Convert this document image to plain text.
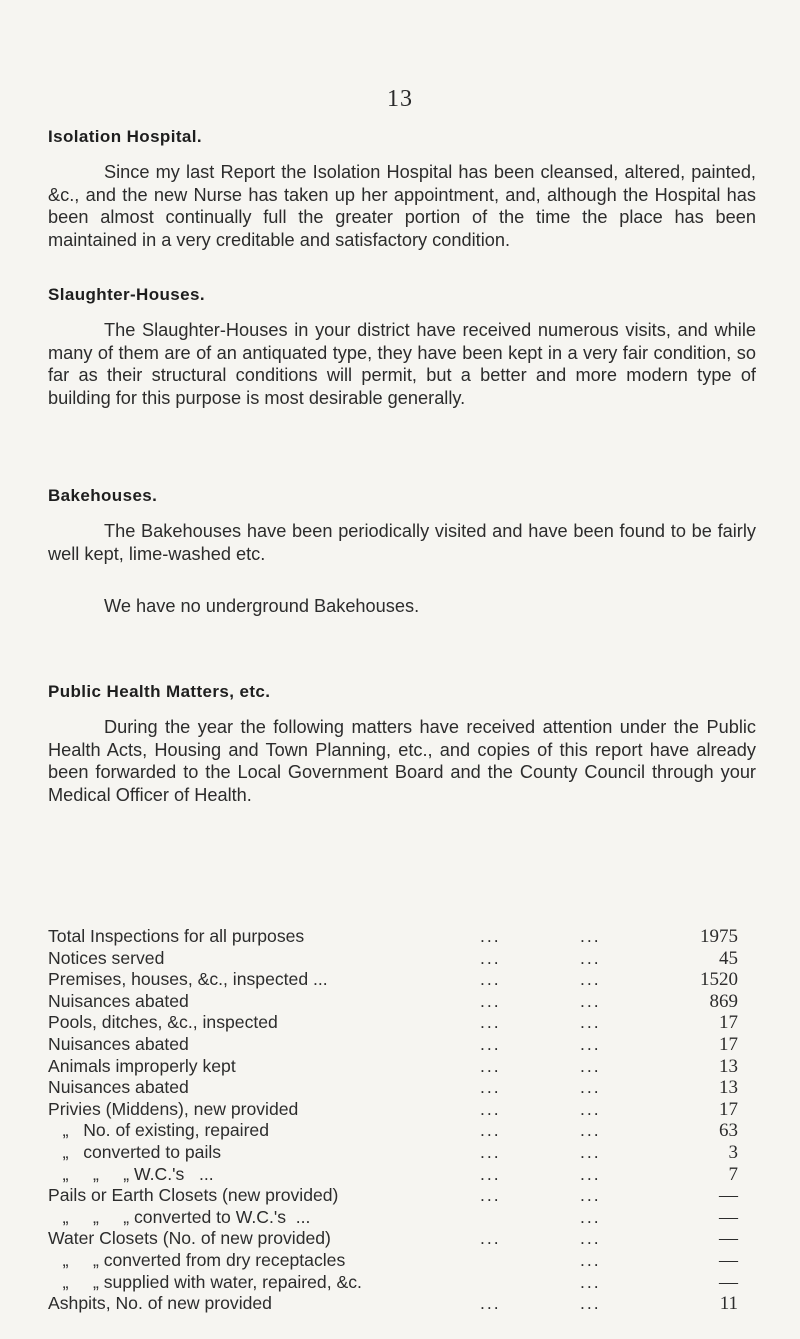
13
Isolation Hospital.

Since my last Report the Isolation Hospital has been cleansed, altered, painted, &c., and the new Nurse has taken up her appointment, and, although the Hospital has been almost continually full the greater portion of the time the place has been maintained in a very creditable and satisfactory condition.

Slaughter-Houses.

The Slaughter-Houses in your district have received numerous visits, and while many of them are of an antiquated type, they have been kept in a very fair condition, so far as their structural conditions will permit, but a better and more modern type of building for this purpose is most desirable generally.

Bakehouses.

The Bakehouses have been periodically visited and have been found to be fairly well kept, lime-washed etc.

We have no underground Bakehouses.

Public Health Matters, etc.

During the year the following matters have received attention under the Public Health Acts, Housing and Town Planning, etc., and copies of this report have already been forwarded to the Local Government Board and the County Council through your Medical Officer of Health.

Total Inspections for all purposes	...	...	1975
Notices served	...	...	45
Premises, houses, &c., inspected ...	...	...	1520
Nuisances abated	...	...	869
Pools, ditches, &c., inspected	...	...	17
Nuisances abated	...	...	17
Animals improperly kept	...	...	13
Nuisances abated	...	...	13
Privies (Middens), new provided	...	...	17
„   No. of existing, repaired	...	...	63
„   converted to pails	...	...	3
„     „     „ W.C.'s   ...	...	...	7
Pails or Earth Closets (new provided)	...	...	—
„     „     „ converted to W.C.'s  ...	...	—
Water Closets (No. of new provided)	...	...	—
„     „ converted from dry receptacles	...	—
„     „ supplied with water, repaired, &c.	...	—
Ashpits, No. of new provided	...	...	11
